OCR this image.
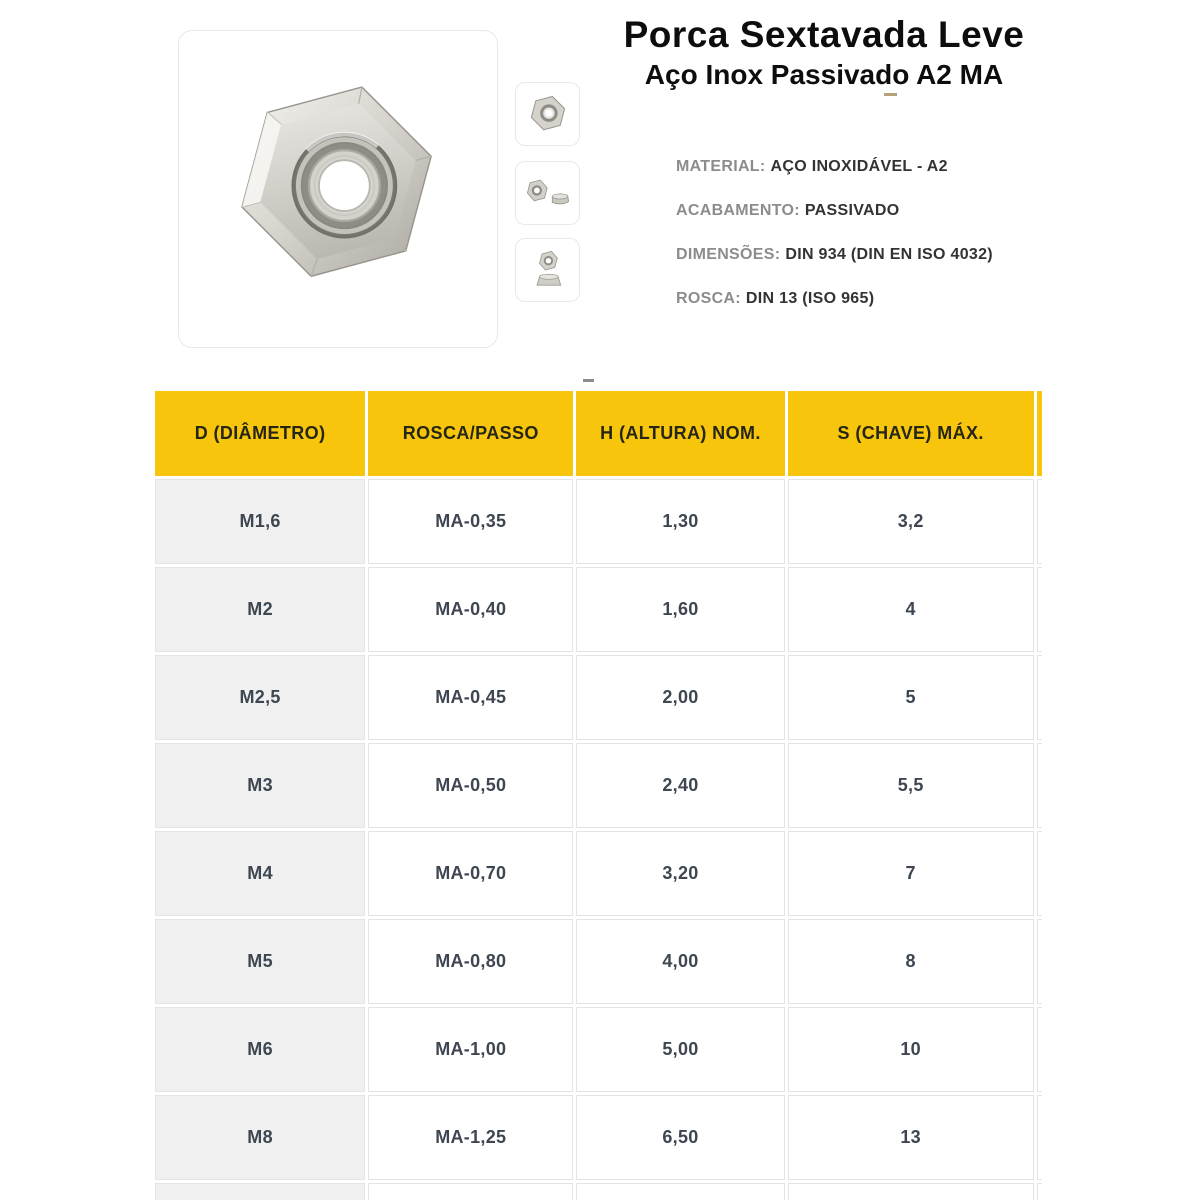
Porca Sextavada Leve
Aço Inox Passivado A2 MA
MATERIAL: AÇO INOXIDÁVEL - A2
ACABAMENTO: PASSIVADO
DIMENSÕES: DIN 934 (DIN EN ISO 4032)
ROSCA: DIN 13 (ISO 965)
D (DIÂMETRO)	ROSCA/PASSO	H (ALTURA) NOM.	S (CHAVE) MÁX.	
M1,6	MA-0,35	1,30	3,2	
M2	MA-0,40	1,60	4	
M2,5	MA-0,45	2,00	5	
M3	MA-0,50	2,40	5,5	
M4	MA-0,70	3,20	7	
M5	MA-0,80	4,00	8	
M6	MA-1,00	5,00	10	
M8	MA-1,25	6,50	13	
